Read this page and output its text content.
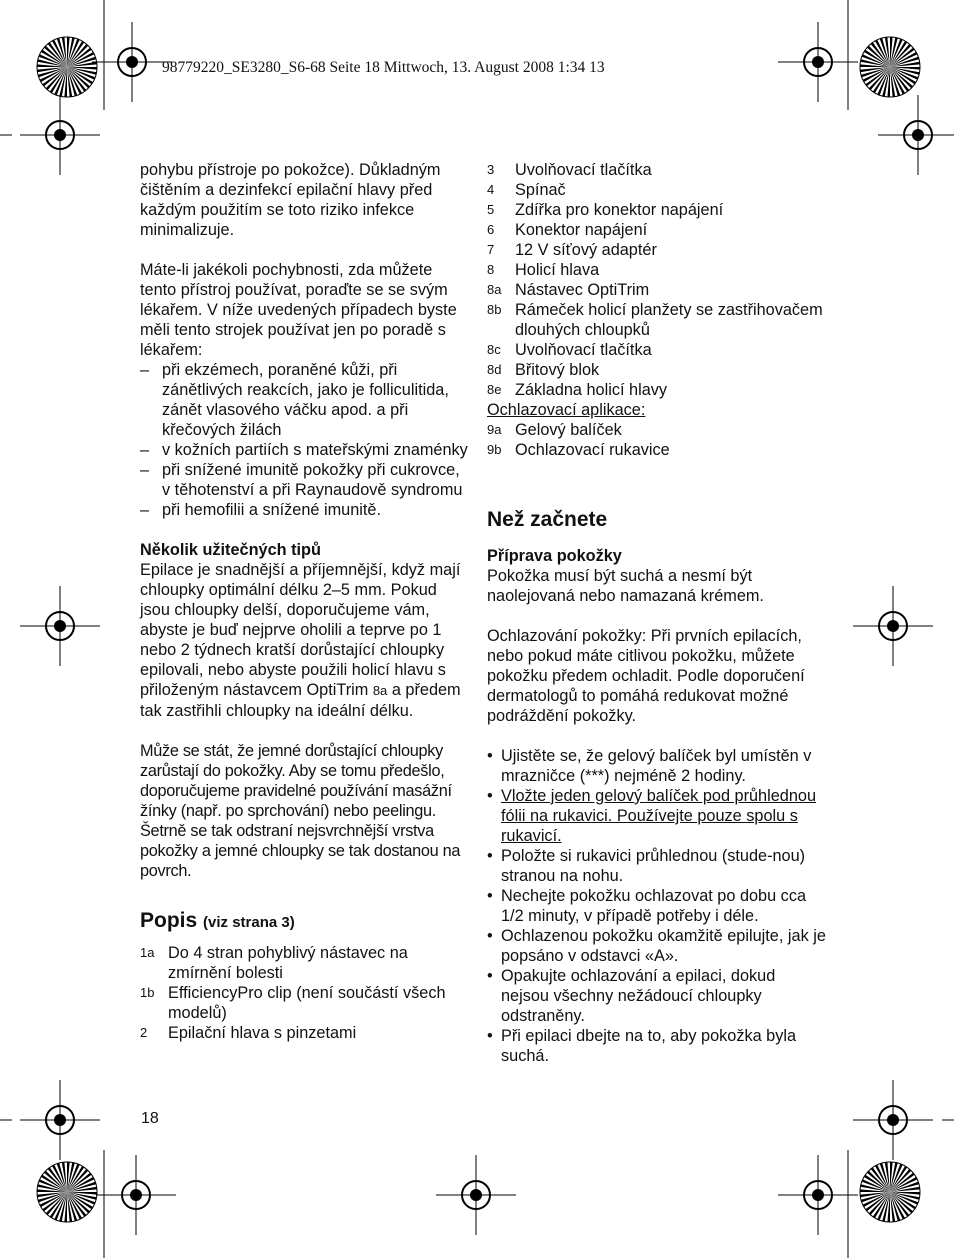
98779220_SE3280_S6-68 Seite 18 Mittwoch, 13. August 2008 1:34 13

pohybu přístroje po pokožce). Důkladným čištěním a dezinfekcí epilační hlavy před každým použitím se toto riziko infekce minimalizuje.

Máte-li jakékoli pochybnosti, zda můžete tento přístroj používat, poraďte se se svým lékařem. V níže uvedených případech byste měli tento strojek používat jen po poradě s lékařem:

– při ekzémech, poraněné kůži, při zánětlivých reakcích, jako je folliculitida, zánět vlasového váčku apod. a při křečových žilách
– v kožních partiích s mateřskými znaménky
– při snížené imunitě pokožky při cukrovce, v těhotenství a při Raynaudově syndromu
– při hemofilii a snížené imunitě.

Několik užitečných tipů

Epilace je snadnější a příjemnější, když mají chloupky optimální délku 2–5 mm. Pokud jsou chloupky delší, doporučujeme vám, abyste je buď nejprve oholili a teprve po 1 nebo 2 týdnech kratší dorůstající chloupky epilovali, nebo abyste použili holicí hlavu s přiloženým nástavcem OptiTrim 8a a předem tak zastřihli chloupky na ideální délku.

Může se stát, že jemné dorůstající chloupky zarůstají do pokožky. Aby se tomu předešlo, doporučujeme pravidelné používání masážní žínky (např. po sprchování) nebo peelingu. Šetrně se tak odstraní nejsvrchnější vrstva pokožky a jemné chloupky se tak dostanou na povrch.

Popis (viz strana 3)
1a Do 4 stran pohyblivý nástavec na zmírnění bolesti
1b EfficiencyPro clip (není součástí všech modelů)
2	Epilační hlava s pinzetami
3	Uvolňovací tlačítka
4	Spínač
5	Zdířka pro konektor napájení
6	Konektor napájení
7	12 V síťový adaptér
8	Holicí hlava
8a Nástavec OptiTrim
8b Rámeček holicí planžety se zastřihovačem dlouhých chloupků
8c Uvolňovací tlačítka
8d Břitový blok
8e Základna holicí hlavy

Ochlazovací aplikace:

9a Gelový balíček
9b Ochlazovací rukavice
Než začnete

Příprava pokožky

Pokožka musí být suchá a nesmí být naolejovaná nebo namazaná krémem.

Ochlazování pokožky: Při prvních epilacích, nebo pokud máte citlivou pokožku, můžete pokožku předem ochladit. Podle doporučení dermatologů to pomáhá redukovat možné podráždění pokožky.

• Ujistěte se, že gelový balíček byl umístěn v mrazničce (***) nejméně 2 hodiny.
• Vložte jeden gelový balíček pod průhlednou fólii na rukavici. Používejte pouze spolu s rukavicí.
• Položte si rukavici průhlednou (stude-nou) stranou na nohu.
• Nechejte pokožku ochlazovat po dobu cca 1/2 minuty, v případě potřeby i déle.
• Ochlazenou pokožku okamžitě epilujte, jak je popsáno v odstavci «A».
• Opakujte ochlazování a epilaci, dokud nejsou všechny nežádoucí chloupky odstraněny.
• Při epilaci dbejte na to, aby pokožka byla suchá.
18
